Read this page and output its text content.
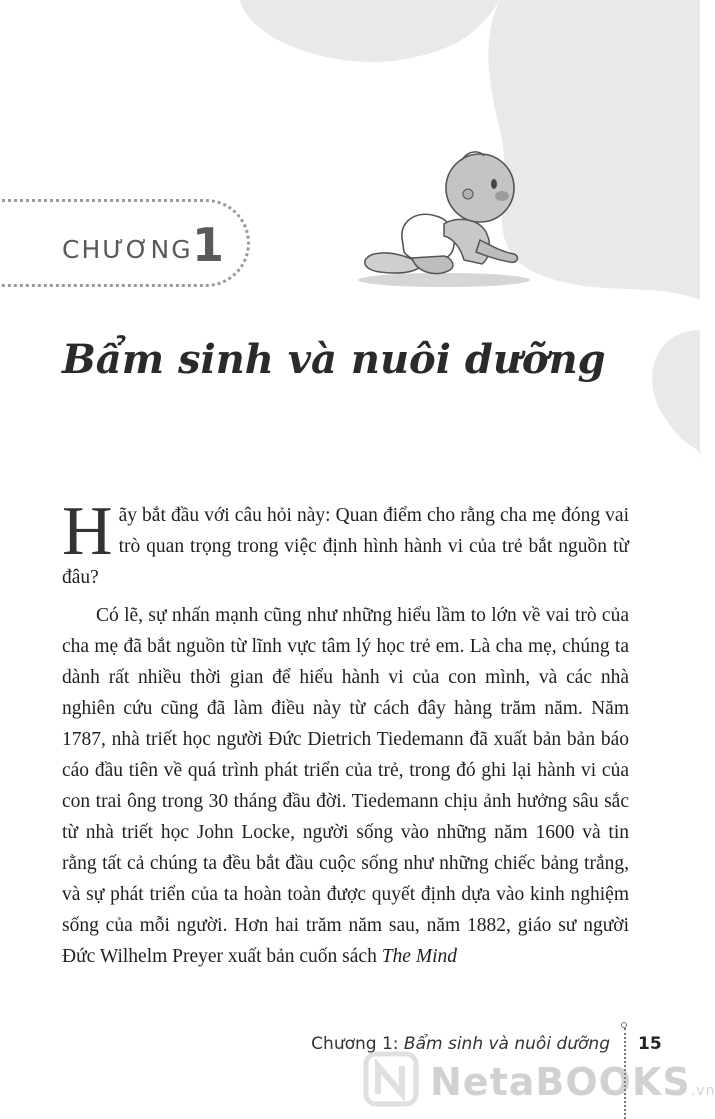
CHƯƠNG 1
Bẩm sinh và nuôi dưỡng

Hãy bắt đầu với câu hỏi này: Quan điểm cho rằng cha mẹ đóng vai trò quan trọng trong việc định hình hành vi của trẻ bắt nguồn từ đâu?

Có lẽ, sự nhấn mạnh cũng như những hiểu lầm to lớn về vai trò của cha mẹ đã bắt nguồn từ lĩnh vực tâm lý học trẻ em. Là cha mẹ, chúng ta dành rất nhiều thời gian để hiểu hành vi của con mình, và các nhà nghiên cứu cũng đã làm điều này từ cách đây hàng trăm năm. Năm 1787, nhà triết học người Đức Dietrich Tiedemann đã xuất bản bản báo cáo đầu tiên về quá trình phát triển của trẻ, trong đó ghi lại hành vi của con trai ông trong 30 tháng đầu đời. Tiedemann chịu ảnh hưởng sâu sắc từ nhà triết học John Locke, người sống vào những năm 1600 và tin rằng tất cả chúng ta đều bắt đầu cuộc sống như những chiếc bảng trắng, và sự phát triển của ta hoàn toàn được quyết định dựa vào kinh nghiệm sống của mỗi người. Hơn hai trăm năm sau, năm 1882, giáo sư người Đức Wilhelm Preyer xuất bản cuốn sách The Mind

Chương 1: Bẩm sinh và nuôi dưỡng 15
NetaBOOKS.vn
